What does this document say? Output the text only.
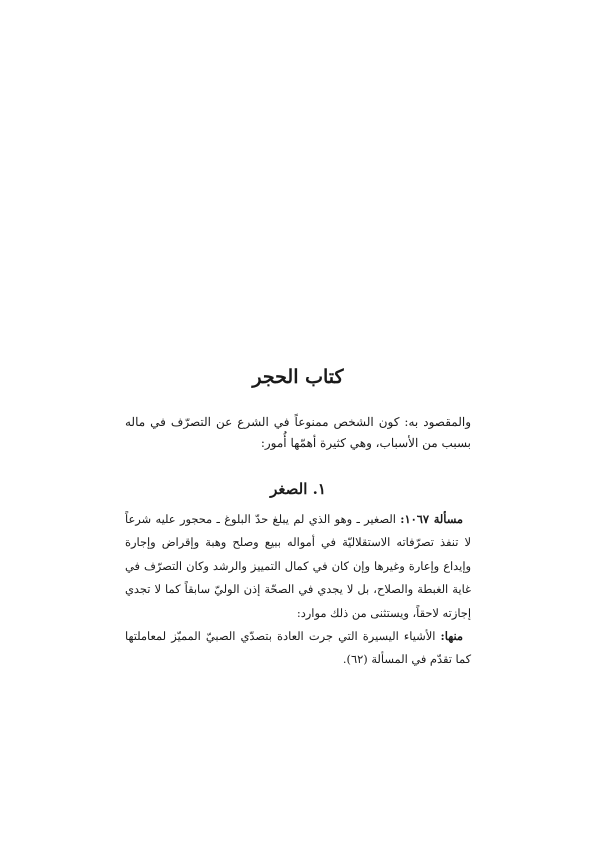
كتاب الحجر

والمقصود به: كون الشخص ممنوعاً في الشرع عن التصرّف في ماله بسبب من الأسباب، وهي كثيرة أهمّها أُمور:

١. الصغر

مسألة ١٠٦٧: الصغير ـ وهو الذي لم يبلغ حدّ البلوغ ـ محجور عليه شرعاً لا تنفذ تصرّفاته الاستقلاليّة في أمواله ببيع وصلح وهبة وإقراض وإجارة وإيداع وإعارة وغيرها وإن كان في كمال التمييز والرشد وكان التصرّف في غاية الغبطة والصلاح، بل لا يجدي في الصحّة إذن الوليّ سابقاً كما لا تجدي إجازته لاحقاً، ويستثنى من ذلك موارد:

منها: الأشياء اليسيرة التي جرت العادة بتصدّي الصبيّ المميّز لمعاملتها كما تقدّم في المسألة (٦٢).
